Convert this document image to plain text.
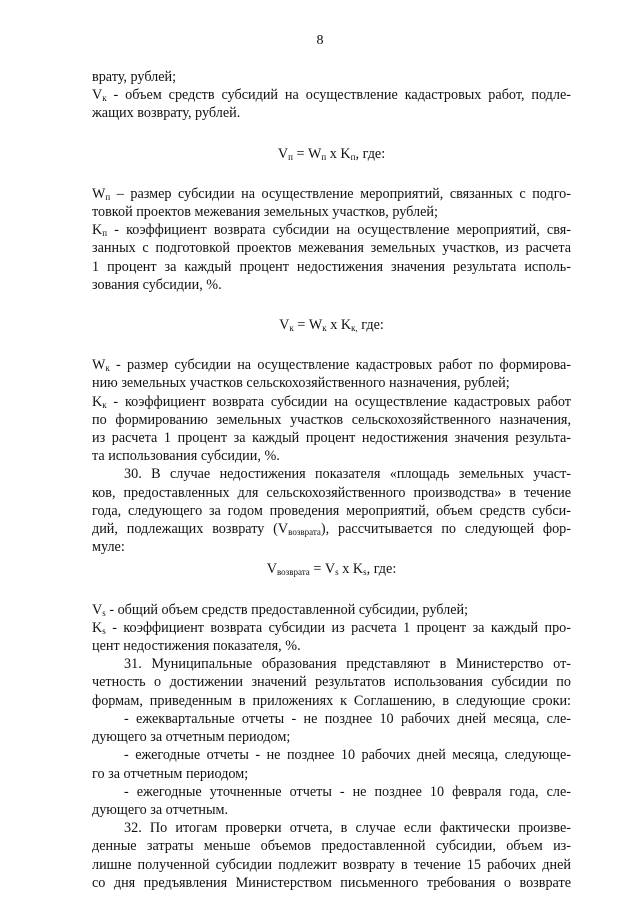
8
врату, рублей;
$V_к$ - объем средств субсидий на осуществление кадастровых работ, подле-
жащих возврату, рублей.
$V_п = W_п$ x $K_п$, где:
$W_п$ – размер субсидии на осуществление мероприятий, связанных с подго-
товкой проектов межевания земельных участков, рублей;
$K_п$ - коэффициент возврата субсидии на осуществление мероприятий, свя-
занных с подготовкой проектов межевания земельных участков, из расчета
1 процент за каждый процент недостижения значения результата исполь-
зования субсидии, %.
$V_к = W_к$ x $K_{к,}$ где:
$W_к$ - размер субсидии на осуществление кадастровых работ по формирова-
нию земельных участков сельскохозяйственного назначения, рублей;
$K_к$ - коэффициент возврата субсидии на осуществление кадастровых работ
по формированию земельных участков сельскохозяйственного назначения,
из расчета 1 процент за каждый процент недостижения значения результа-
та использования субсидии, %.
30. В случае недостижения показателя «площадь земельных участ-
ков, предоставленных для сельскохозяйственного производства» в течение
года, следующего за годом проведения мероприятий, объем средств субси-
дий, подлежащих возврату $(V_{возврата})$, рассчитывается по следующей фор-
муле:
$V_{возврата} = V_s$ x $K_s$, где:
$V_s$ - общий объем средств предоставленной субсидии, рублей;
$K_s$ - коэффициент возврата субсидии из расчета 1 процент за каждый про-
цент недостижения показателя, %.
31. Муниципальные образования представляют в Министерство от-
четность о достижении значений результатов использования субсидии по
формам, приведенным в приложениях к Соглашению, в следующие сроки:
- ежеквартальные отчеты - не позднее 10 рабочих дней месяца, сле-
дующего за отчетным периодом;
- ежегодные отчеты - не позднее 10 рабочих дней месяца, следующе-
го за отчетным периодом;
- ежегодные уточненные отчеты - не позднее 10 февраля года, сле-
дующего за отчетным.
32. По итогам проверки отчета, в случае если фактически произве-
денные затраты меньше объемов предоставленной субсидии, объем из-
лишне полученной субсидии подлежит возврату в течение 15 рабочих дней
со дня предъявления Министерством письменного требования о возврате
